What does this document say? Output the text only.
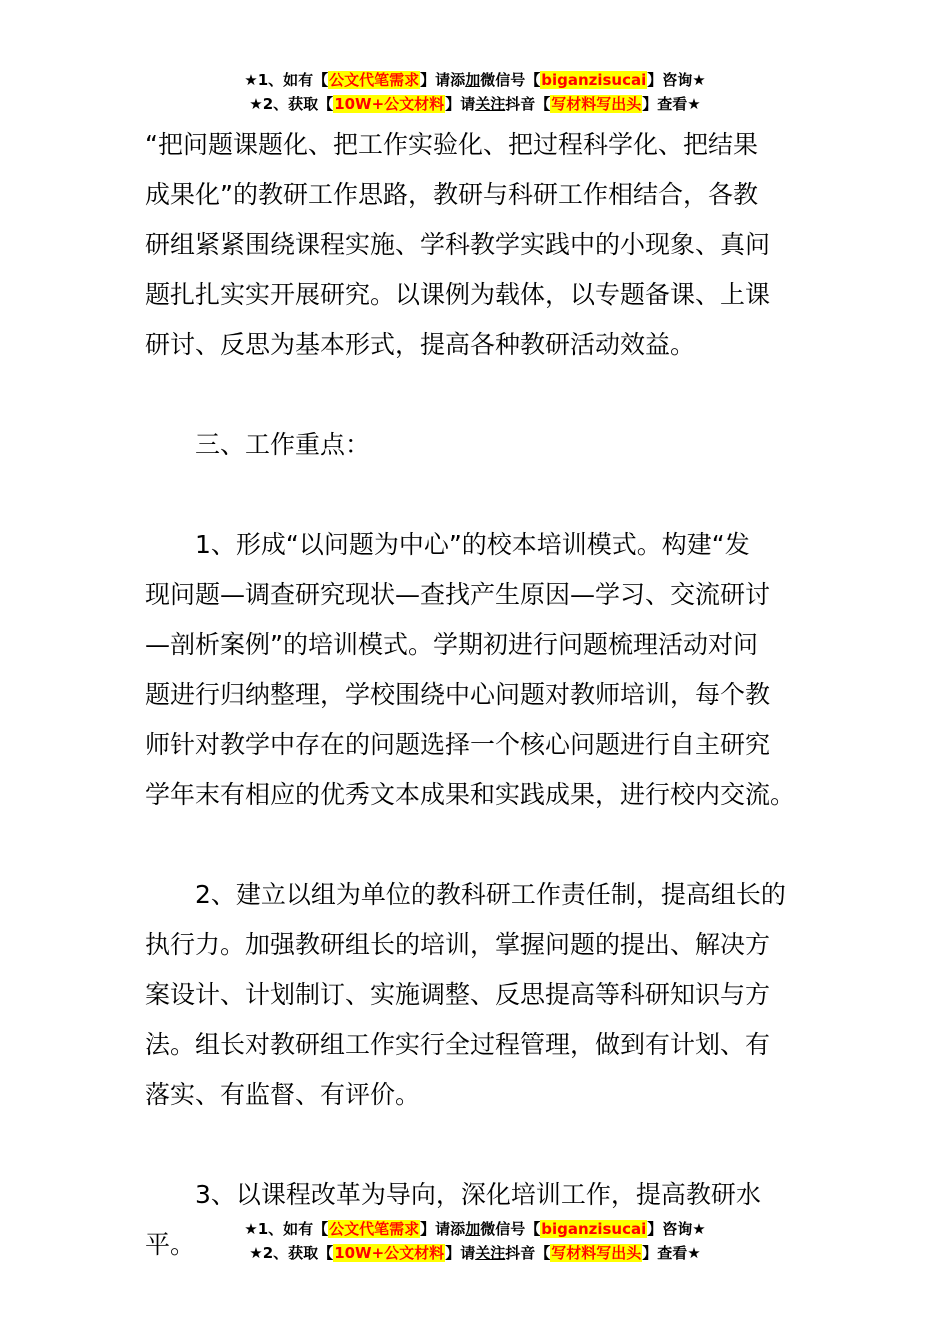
★1、如有【公文代笔需求】请添加微信号【biganzisucai】咨询★
★2、获取【10W+公文材料】请关注抖音【写材料写出头】查看★
“把问题课题化、把工作实验化、把过程科学化、把结果
成果化”的教研工作思路，教研与科研工作相结合，各教
研组紧紧围绕课程实施、学科教学实践中的小现象、真问
题扎扎实实开展研究。以课例为载体，以专题备课、上课
研讨、反思为基本形式，提高各种教研活动效益。
三、工作重点：
1、形成“以问题为中心”的校本培训模式。构建“发
现问题—调查研究现状—查找产生原因—学习、交流研讨
—剖析案例”的培训模式。学期初进行问题梳理活动对问
题进行归纳整理，学校围绕中心问题对教师培训，每个教
师针对教学中存在的问题选择一个核心问题进行自主研究
学年末有相应的优秀文本成果和实践成果，进行校内交流。
2、建立以组为单位的教科研工作责任制，提高组长的
执行力。加强教研组长的培训，掌握问题的提出、解决方
案设计、计划制订、实施调整、反思提高等科研知识与方
法。组长对教研组工作实行全过程管理，做到有计划、有
落实、有监督、有评价。
3、以课程改革为导向，深化培训工作，提高教研水平。
★1、如有【公文代笔需求】请添加微信号【biganzisucai】咨询★
★2、获取【10W+公文材料】请关注抖音【写材料写出头】查看★
